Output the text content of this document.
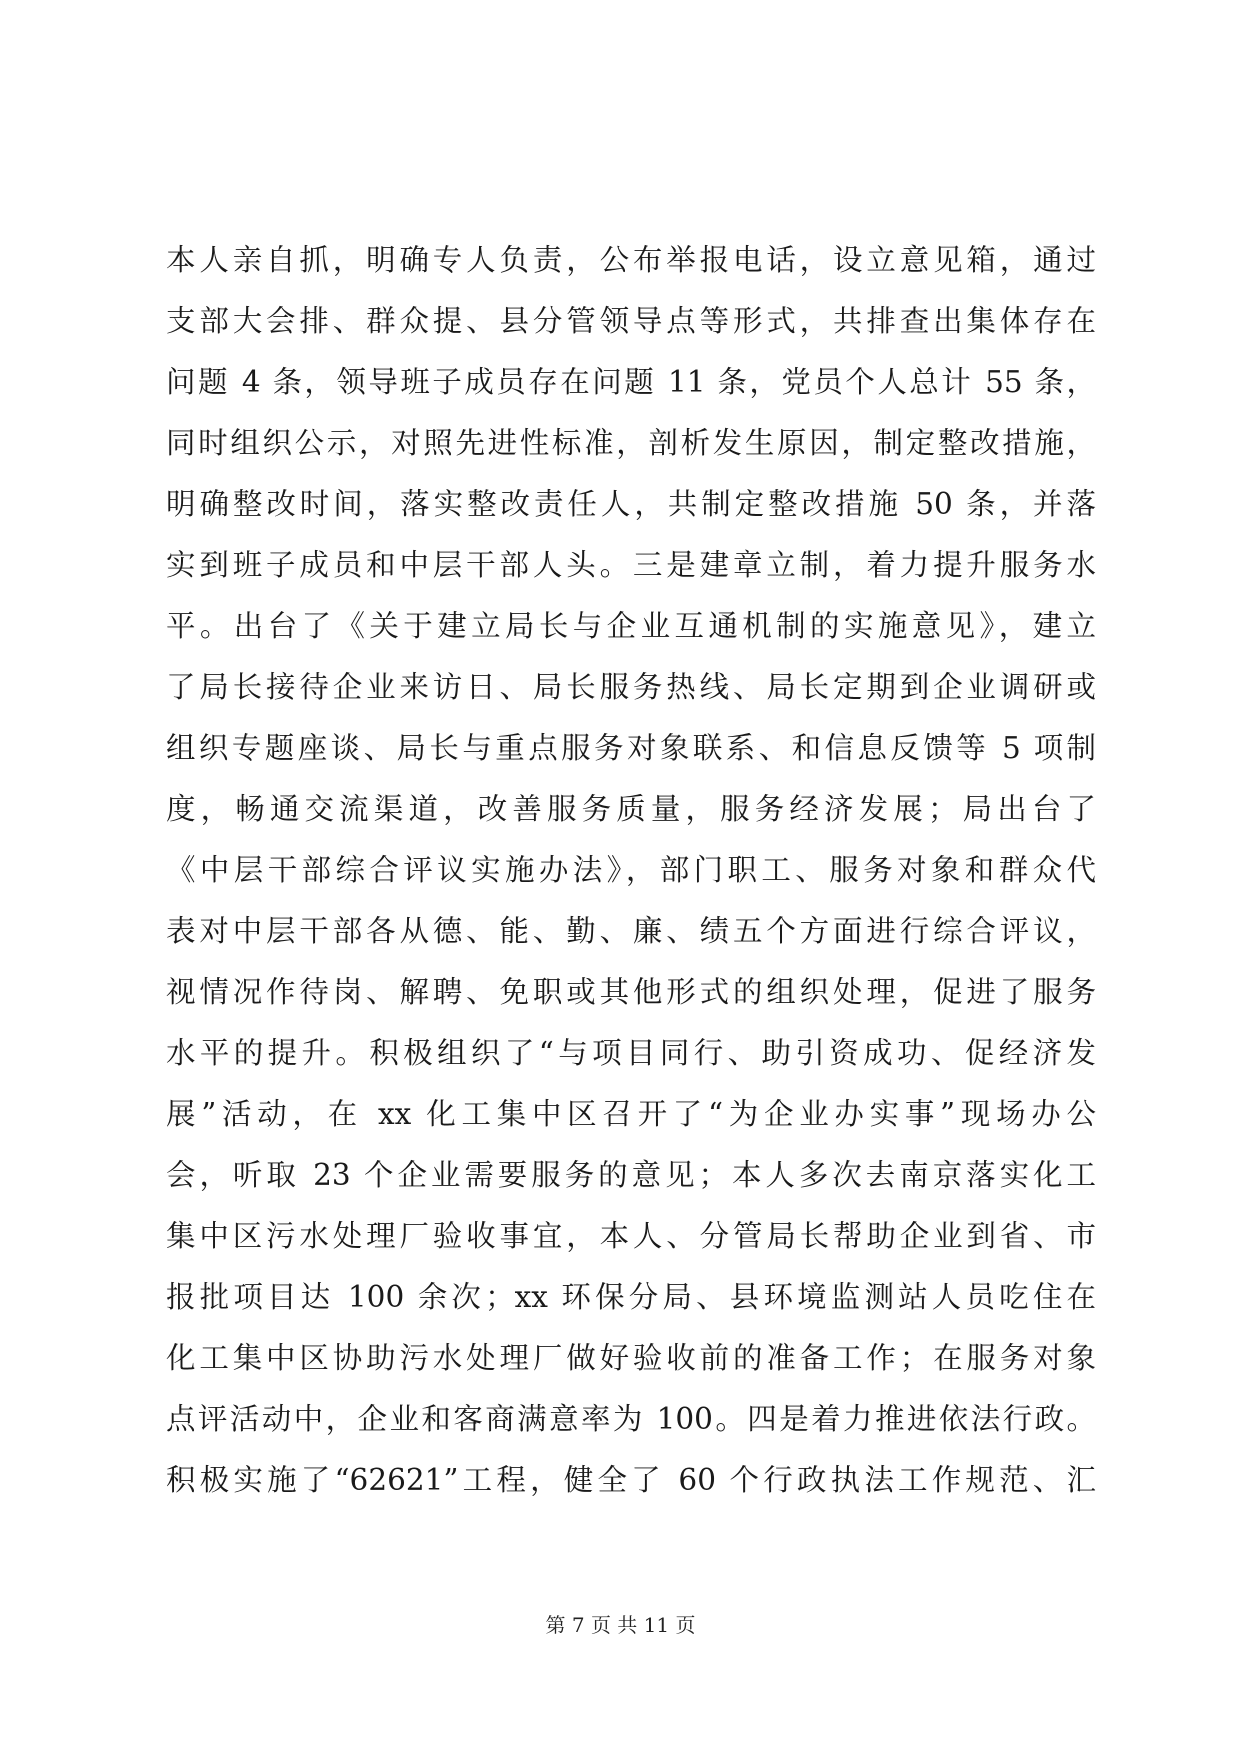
本人亲自抓，明确专人负责，公布举报电话，设立意见箱，通过
支部大会排、群众提、县分管领导点等形式，共排查出集体存在
问题 4 条，领导班子成员存在问题 11 条，党员个人总计 55 条，
同时组织公示，对照先进性标准，剖析发生原因，制定整改措施，
明确整改时间，落实整改责任人，共制定整改措施 50 条，并落
实到班子成员和中层干部人头。三是建章立制，着力提升服务水
平。出台了《关于建立局长与企业互通机制的实施意见》，建立
了局长接待企业来访日、局长服务热线、局长定期到企业调研或
组织专题座谈、局长与重点服务对象联系、和信息反馈等 5 项制
度，畅通交流渠道，改善服务质量，服务经济发展；局出台了
《中层干部综合评议实施办法》，部门职工、服务对象和群众代
表对中层干部各从德、能、勤、廉、绩五个方面进行综合评议，
视情况作待岗、解聘、免职或其他形式的组织处理，促进了服务
水平的提升。积极组织了“与项目同行、助引资成功、促经济发
展”活动，在 xx 化工集中区召开了“为企业办实事”现场办公
会，听取 23 个企业需要服务的意见；本人多次去南京落实化工
集中区污水处理厂验收事宜，本人、分管局长帮助企业到省、市
报批项目达 100 余次；xx 环保分局、县环境监测站人员吃住在
化工集中区协助污水处理厂做好验收前的准备工作；在服务对象
点评活动中，企业和客商满意率为 100。四是着力推进依法行政。
积极实施了“62621”工程，健全了 60 个行政执法工作规范、汇
第 7 页 共 11 页
